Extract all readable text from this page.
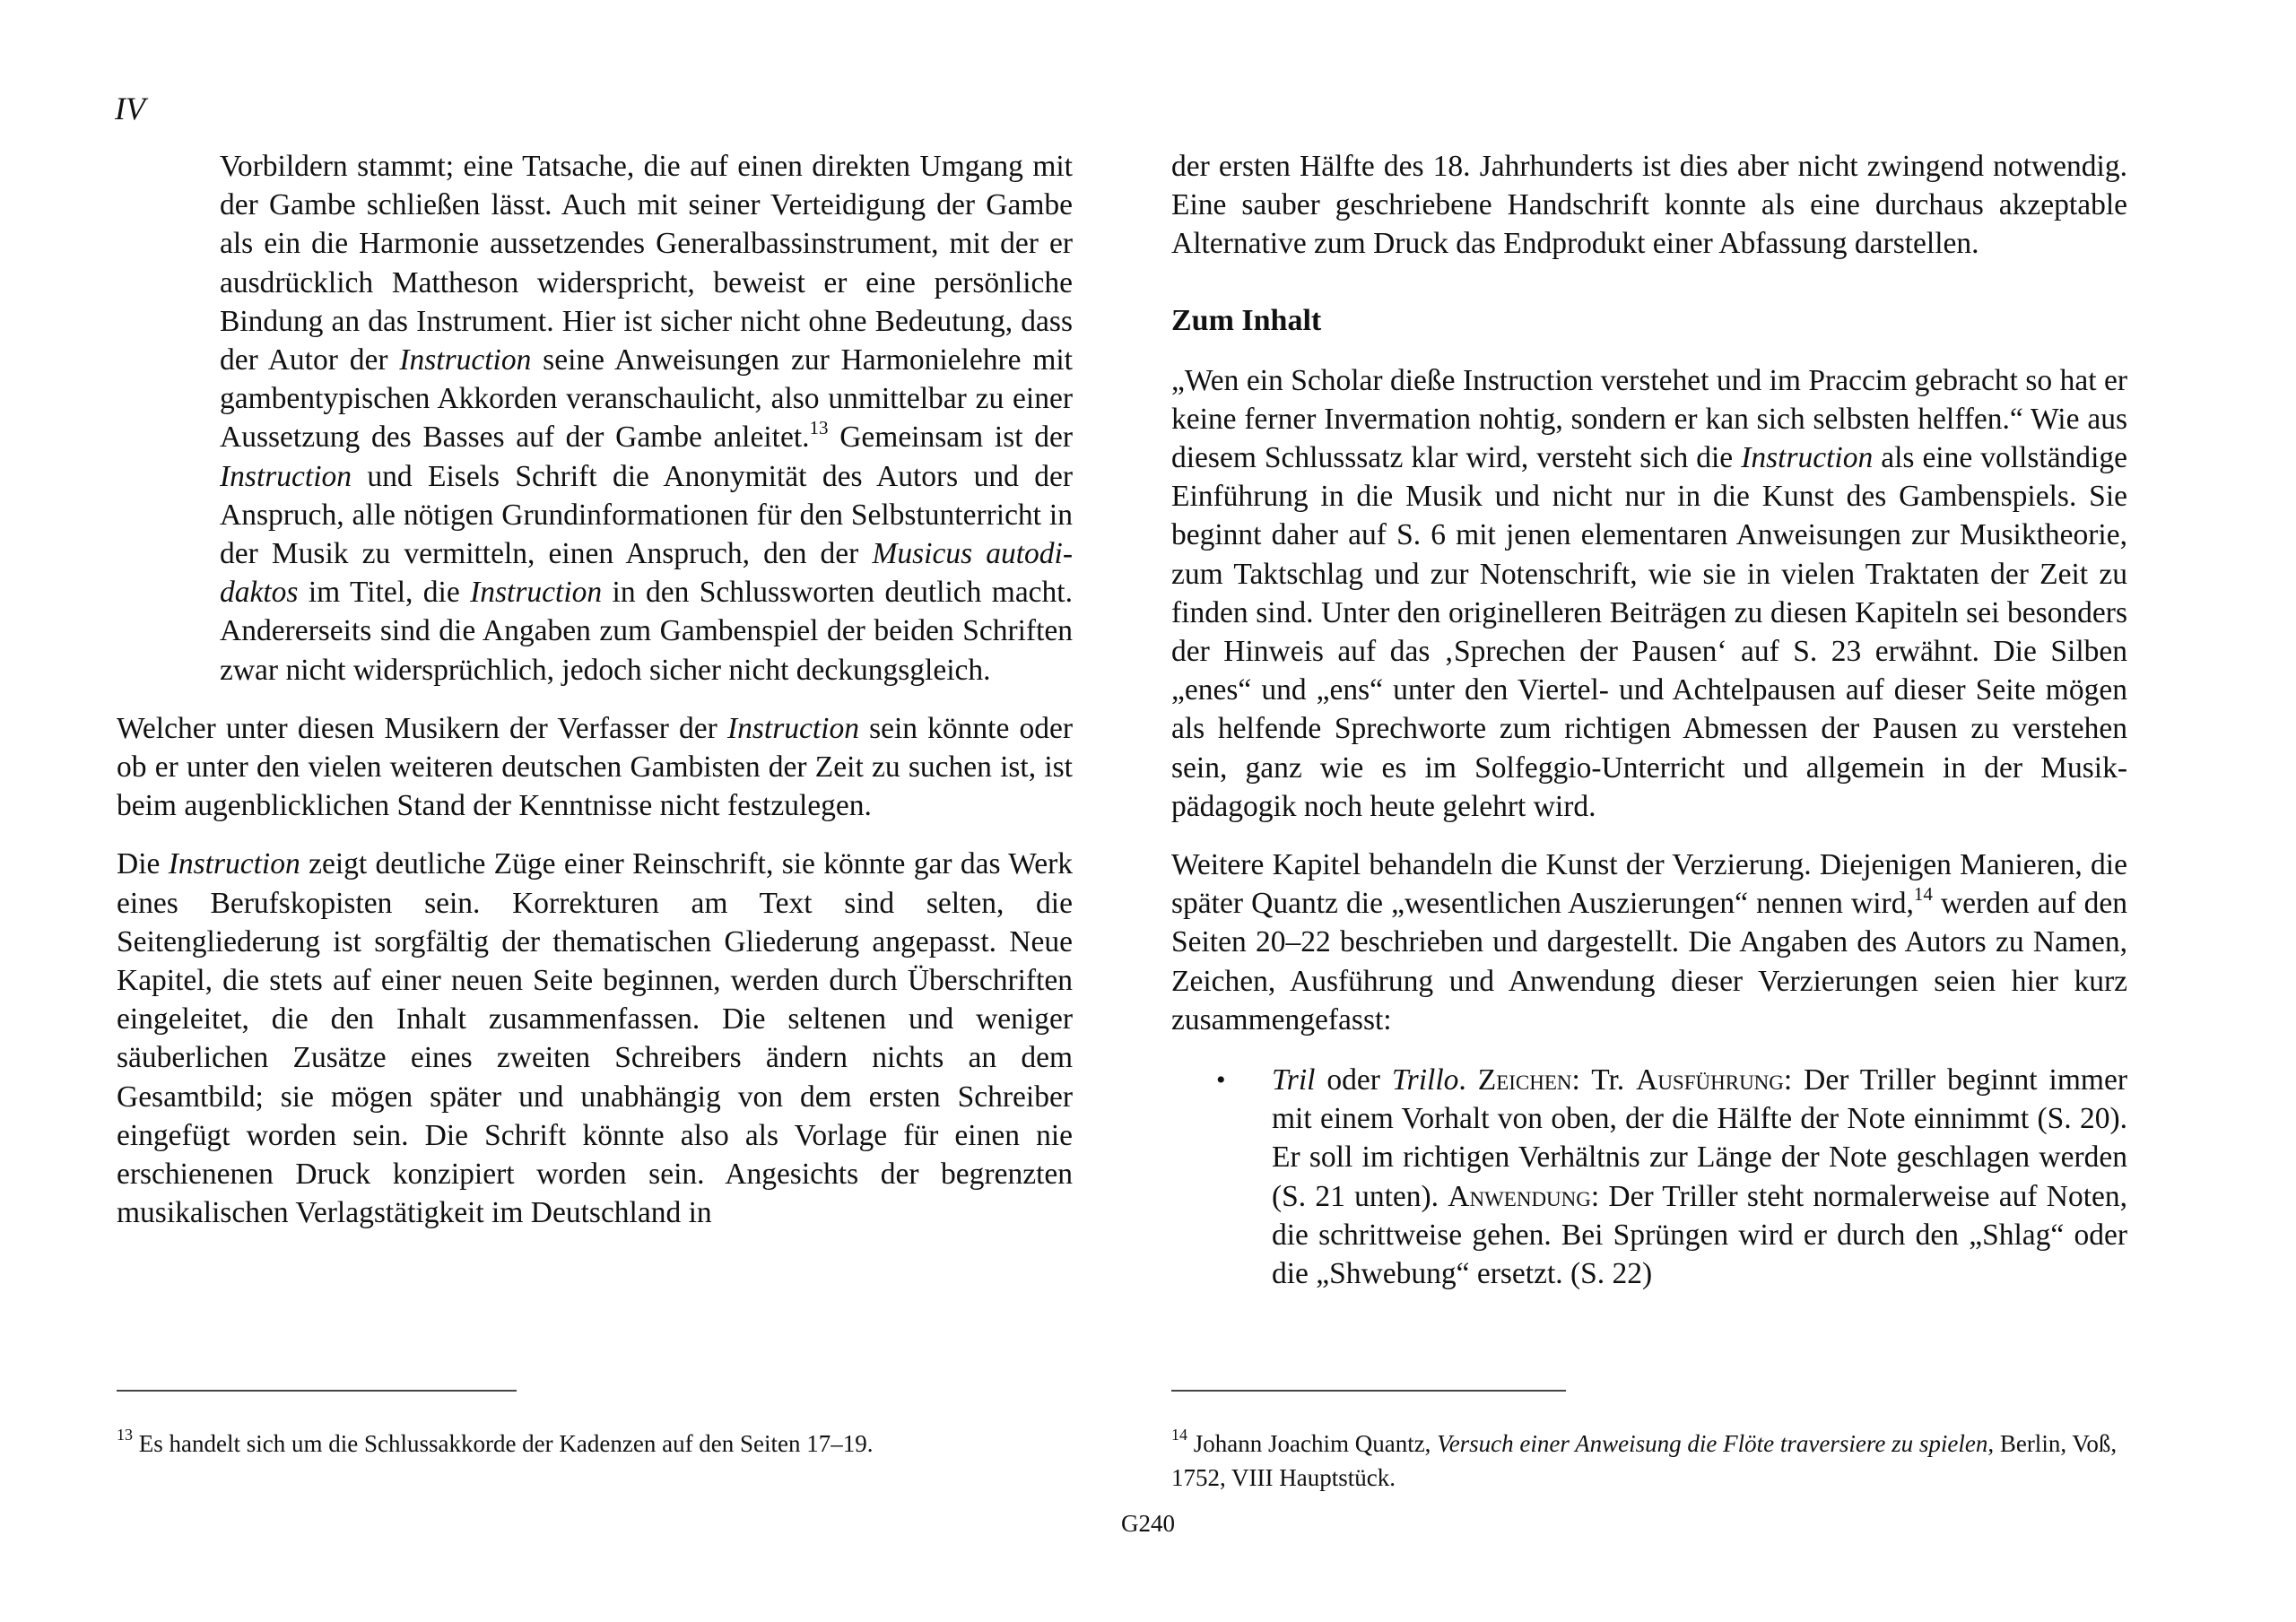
IV

Vorbildern stammt; eine Tatsache, die auf einen direkten Umgang mit der Gambe schließen lässt. Auch mit seiner Verteidigung der Gambe als ein die Harmonie aussetzendes Generalbassinstrument, mit der er ausdrücklich Mattheson widerspricht, beweist er eine persönliche Bindung an das Instrument. Hier ist sicher nicht ohne Bedeutung, dass der Autor der Instruction seine Anweisungen zur Harmonielehre mit gambentypischen Akkorden veranschaulicht, also unmittelbar zu einer Aussetzung des Basses auf der Gambe anleitet.$^{13}$ Gemeinsam ist der Instruction und Eisels Schrift die Anonymität des Autors und der Anspruch, alle nötigen Grundinformationen für den Selbstunterricht in der Musik zu vermitteln, einen Anspruch, den der Musicus autodidaktos im Titel, die Instruction in den Schlussworten deutlich macht. Andererseits sind die Angaben zum Gambenspiel der beiden Schriften zwar nicht widersprüchlich, jedoch sicher nicht deckungsgleich.

Welcher unter diesen Musikern der Verfasser der Instruction sein könnte oder ob er unter den vielen weiteren deutschen Gambisten der Zeit zu suchen ist, ist beim augenblicklichen Stand der Kenntnisse nicht festzulegen.

Die Instruction zeigt deutliche Züge einer Reinschrift, sie könnte gar das Werk eines Berufskopisten sein. Korrekturen am Text sind selten, die Seitengliederung ist sorgfältig der thematischen Gliederung angepasst. Neue Kapitel, die stets auf einer neuen Seite beginnen, werden durch Überschriften eingeleitet, die den Inhalt zusammenfassen. Die seltenen und weniger säuberlichen Zusätze eines zweiten Schreibers ändern nichts an dem Gesamtbild; sie mögen später und unabhängig von dem ersten Schreiber eingefügt worden sein. Die Schrift könnte also als Vorlage für einen nie erschienenen Druck konzipiert worden sein. Angesichts der begrenzten musikalischen Verlagstätigkeit im Deutschland in

der ersten Hälfte des 18. Jahrhunderts ist dies aber nicht zwingend notwendig. Eine sauber geschriebene Handschrift konnte als eine durchaus akzeptable Alternative zum Druck das Endprodukt einer Abfassung darstellen.

Zum Inhalt

„Wen ein Scholar dieße Instruction verstehet und im Praccim gebracht so hat er keine ferner Invermation nohtig, sondern er kan sich selbsten helffen.“ Wie aus diesem Schlusssatz klar wird, versteht sich die Instruction als eine vollständige Einführung in die Musik und nicht nur in die Kunst des Gambenspiels. Sie beginnt daher auf S. 6 mit jenen elementaren Anweisungen zur Musiktheorie, zum Taktschlag und zur Notenschrift, wie sie in vielen Traktaten der Zeit zu finden sind. Unter den originelleren Beiträgen zu diesen Kapiteln sei besonders der Hinweis auf das ‚Sprechen der Pausen‘ auf S. 23 erwähnt. Die Silben „enes“ und „ens“ unter den Viertel- und Achtelpausen auf dieser Seite mögen als helfende Sprechworte zum richtigen Abmessen der Pausen zu verstehen sein, ganz wie es im Solfeggio-Unterricht und allgemein in der Musikpädagogik noch heute gelehrt wird.

Weitere Kapitel behandeln die Kunst der Verzierung. Diejenigen Manieren, die später Quantz die „wesentlichen Auszierungen“ nennen wird,$^{14}$ werden auf den Seiten 20–22 beschrieben und dargestellt. Die Angaben des Autors zu Namen, Zeichen, Ausführung und Anwendung dieser Verzierungen seien hier kurz zusammengefasst:

• Tril oder Trillo. Zeichen: Tr. Ausführung: Der Triller beginnt immer mit einem Vorhalt von oben, der die Hälfte der Note einnimmt (S. 20). Er soll im richtigen Verhältnis zur Länge der Note geschlagen werden (S. 21 unten). Anwendung: Der Triller steht normalerweise auf Noten, die schrittweise gehen. Bei Sprüngen wird er durch den „Shlag“ oder die „Shwebung“ ersetzt. (S. 22)
$^{13}$ Es handelt sich um die Schlussakkorde der Kadenzen auf den Seiten 17–19.	$^{14}$ Johann Joachim Quantz, Versuch einer Anweisung die Flöte traversiere zu spielen, Berlin, Voß, 1752, VIII Hauptstück.
G240
